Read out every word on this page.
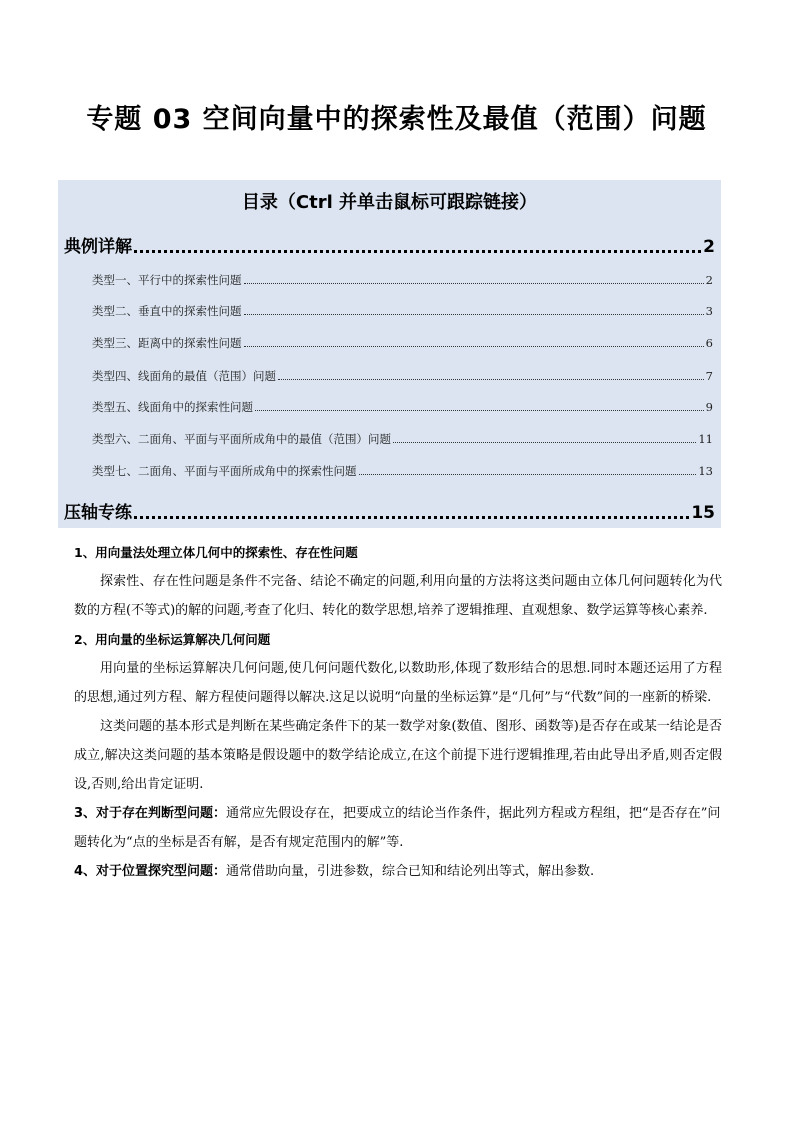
专题 03 空间向量中的探索性及最值（范围）问题
目录（Ctrl 并单击鼠标可跟踪链接）
典例详解	2
类型一、平行中的探索性问题	2
类型二、垂直中的探索性问题	3
类型三、距离中的探索性问题	6
类型四、线面角的最值（范围）问题	7
类型五、线面角中的探索性问题	9
类型六、二面角、平面与平面所成角中的最值（范围）问题	11
类型七、二面角、平面与平面所成角中的探索性问题	13
压轴专练	15
1、用向量法处理立体几何中的探索性、存在性问题
探索性、存在性问题是条件不完备、结论不确定的问题,利用向量的方法将这类问题由立体几何问题转化为代数的方程(不等式)的解的问题,考查了化归、转化的数学思想,培养了逻辑推理、直观想象、数学运算等核心素养.
2、用向量的坐标运算解决几何问题
用向量的坐标运算解决几何问题,使几何问题代数化,以数助形,体现了数形结合的思想.同时本题还运用了方程的思想,通过列方程、解方程使问题得以解决.这足以说明“向量的坐标运算”是“几何”与“代数”间的一座新的桥梁.
这类问题的基本形式是判断在某些确定条件下的某一数学对象(数值、图形、函数等)是否存在或某一结论是否成立,解决这类问题的基本策略是假设题中的数学结论成立,在这个前提下进行逻辑推理,若由此导出矛盾,则否定假设,否则,给出肯定证明.
3、对于存在判断型问题：通常应先假设存在，把要成立的结论当作条件，据此列方程或方程组，把“是否存在”问题转化为“点的坐标是否有解，是否有规定范围内的解”等.
4、对于位置探究型问题：通常借助向量，引进参数，综合已知和结论列出等式，解出参数.
